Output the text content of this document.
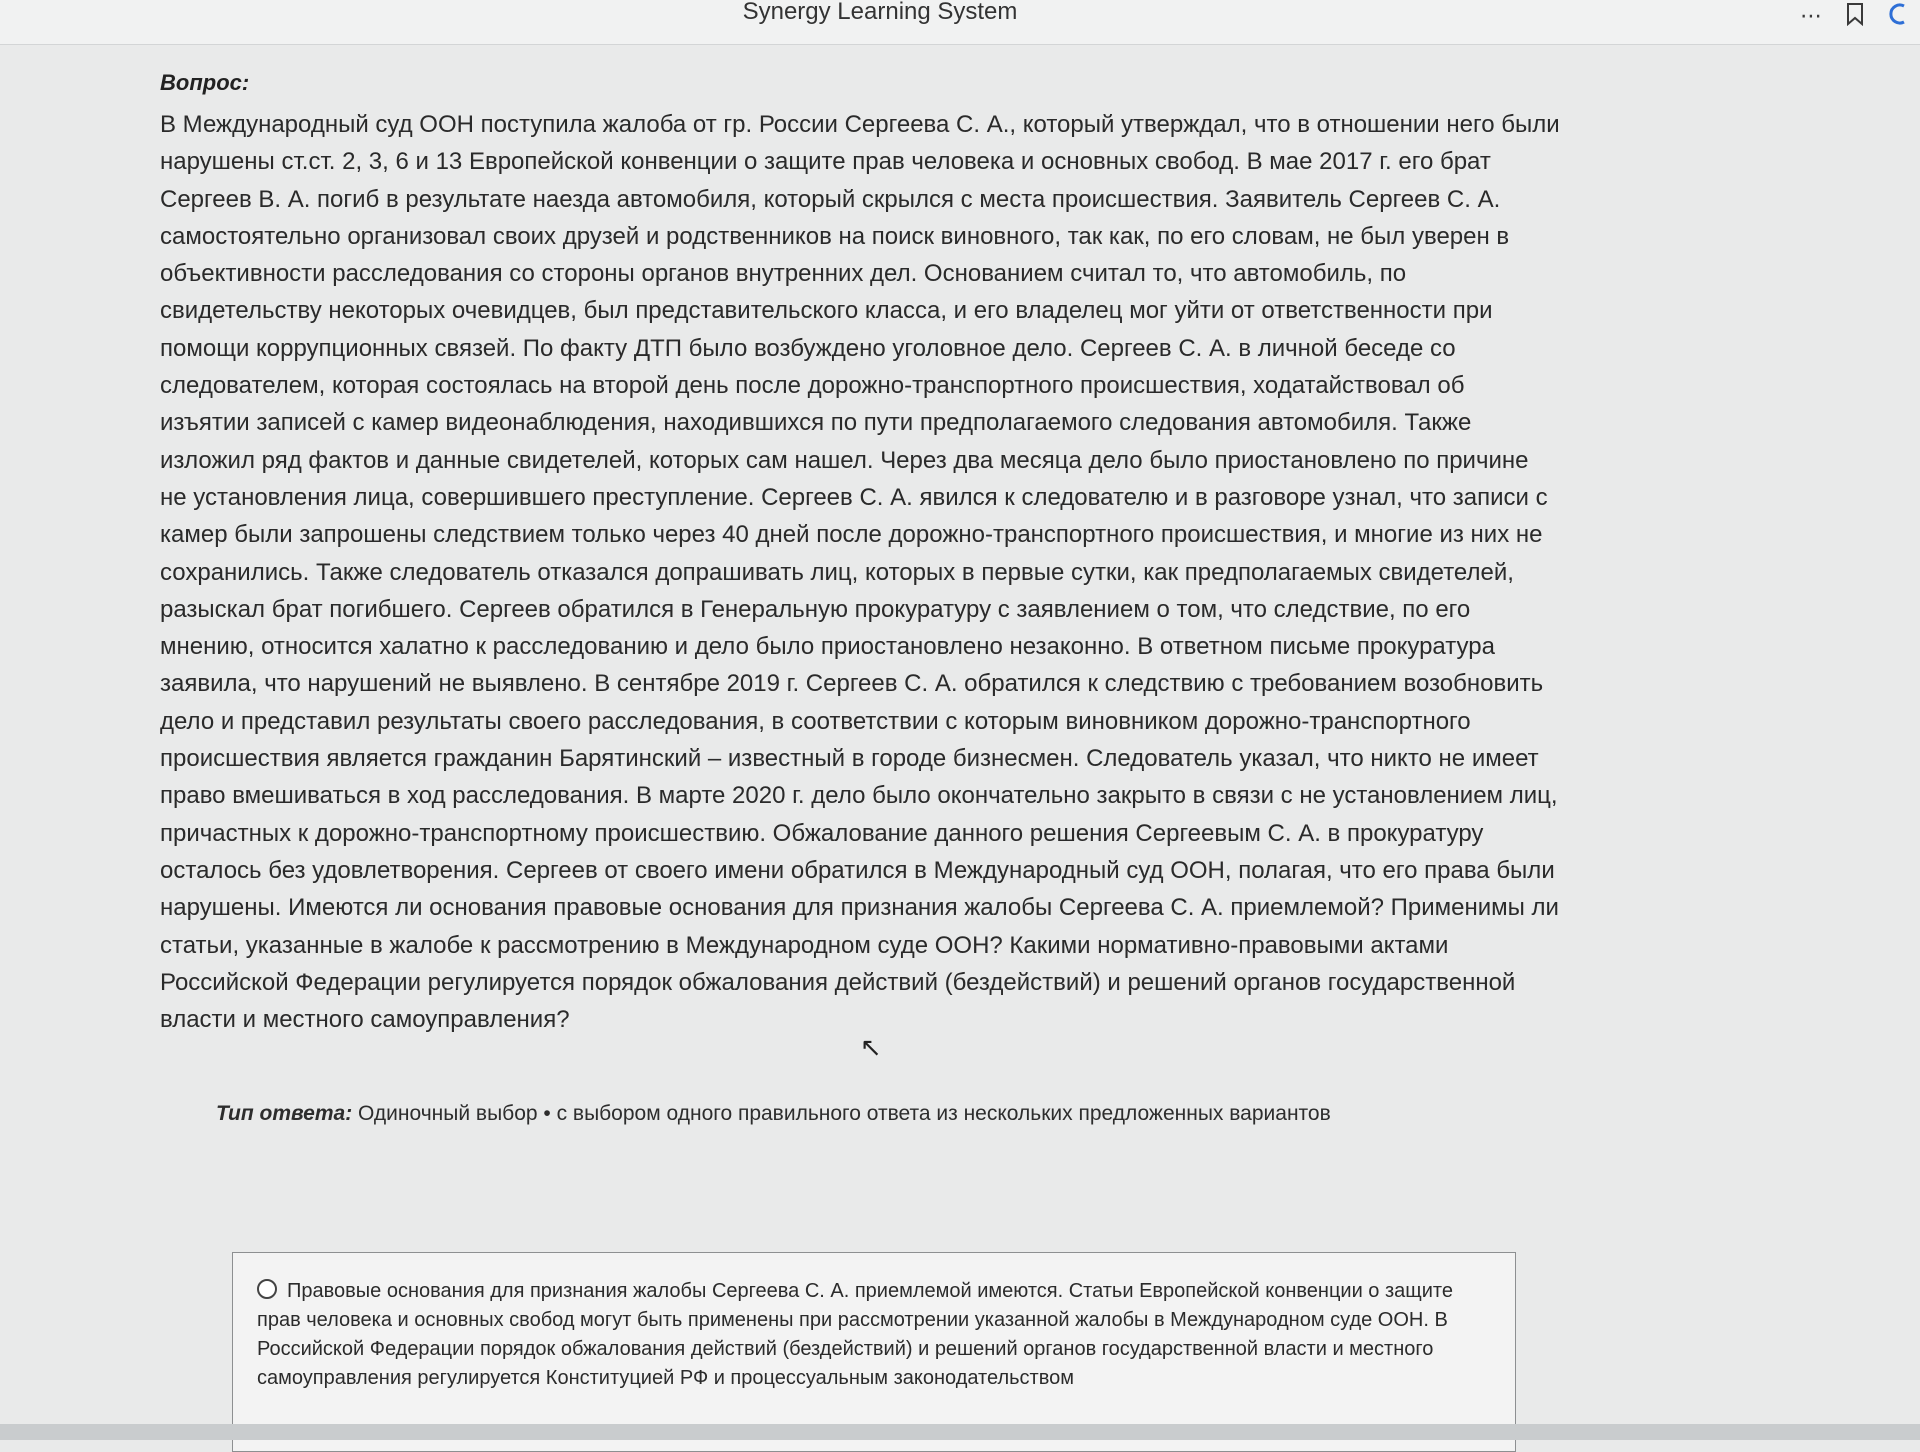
Synergy Learning System	⋯
Вопрос:
В Международный суд ООН поступила жалоба от гр. России Сергеева С. А., который утверждал, что в отношении него были нарушены ст.ст. 2, 3, 6 и 13 Европейской конвенции о защите прав человека и основных свобод. В мае 2017 г. его брат Сергеев В. А. погиб в результате наезда автомобиля, который скрылся с места происшествия. Заявитель Сергеев С. А. самостоятельно организовал своих друзей и родственников на поиск виновного, так как, по его словам, не был уверен в объективности расследования со стороны органов внутренних дел. Основанием считал то, что автомобиль, по свидетельству некоторых очевидцев, был представительского класса, и его владелец мог уйти от ответственности при помощи коррупционных связей. По факту ДТП было возбуждено уголовное дело. Сергеев С. А. в личной беседе со следователем, которая состоялась на второй день после дорожно-транспортного происшествия, ходатайствовал об изъятии записей с камер видеонаблюдения, находившихся по пути предполагаемого следования автомобиля. Также изложил ряд фактов и данные свидетелей, которых сам нашел. Через два месяца дело было приостановлено по причине не установления лица, совершившего преступление. Сергеев С. А. явился к следователю и в разговоре узнал, что записи с камер были запрошены следствием только через 40 дней после дорожно-транспортного происшествия, и многие из них не сохранились. Также следователь отказался допрашивать лиц, которых в первые сутки, как предполагаемых свидетелей, разыскал брат погибшего. Сергеев обратился в Генеральную прокуратуру с заявлением о том, что следствие, по его мнению, относится халатно к расследованию и дело было приостановлено незаконно. В ответном письме прокуратура заявила, что нарушений не выявлено. В сентябре 2019 г. Сергеев С. А. обратился к следствию с требованием возобновить дело и представил результаты своего расследования, в соответствии с которым виновником дорожно-транспортного происшествия является гражданин Барятинский – известный в городе бизнесмен. Следователь указал, что никто не имеет право вмешиваться в ход расследования. В марте 2020 г. дело было окончательно закрыто в связи с не установлением лиц, причастных к дорожно-транспортному происшествию. Обжалование данного решения Сергеевым С. А. в прокуратуру осталось без удовлетворения. Сергеев от своего имени обратился в Международный суд ООН, полагая, что его права были нарушены. Имеются ли основания правовые основания для признания жалобы Сергеева С. А. приемлемой? Применимы ли статьи, указанные в жалобе к рассмотрению в Международном суде ООН? Какими нормативно-правовыми актами Российской Федерации регулируется порядок обжалования действий (бездействий) и решений органов государственной власти и местного самоуправления?
Тип ответа: Одиночный выбор • с выбором одного правильного ответа из нескольких предложенных вариантов
Правовые основания для признания жалобы Сергеева С. А. приемлемой имеются. Статьи Европейской конвенции о защите прав человека и основных свобод могут быть применены при рассмотрении указанной жалобы в Международном суде ООН. В Российской Федерации порядок обжалования действий (бездействий) и решений органов государственной власти и местного самоуправления регулируется Конституцией РФ и процессуальным законодательством
↖
